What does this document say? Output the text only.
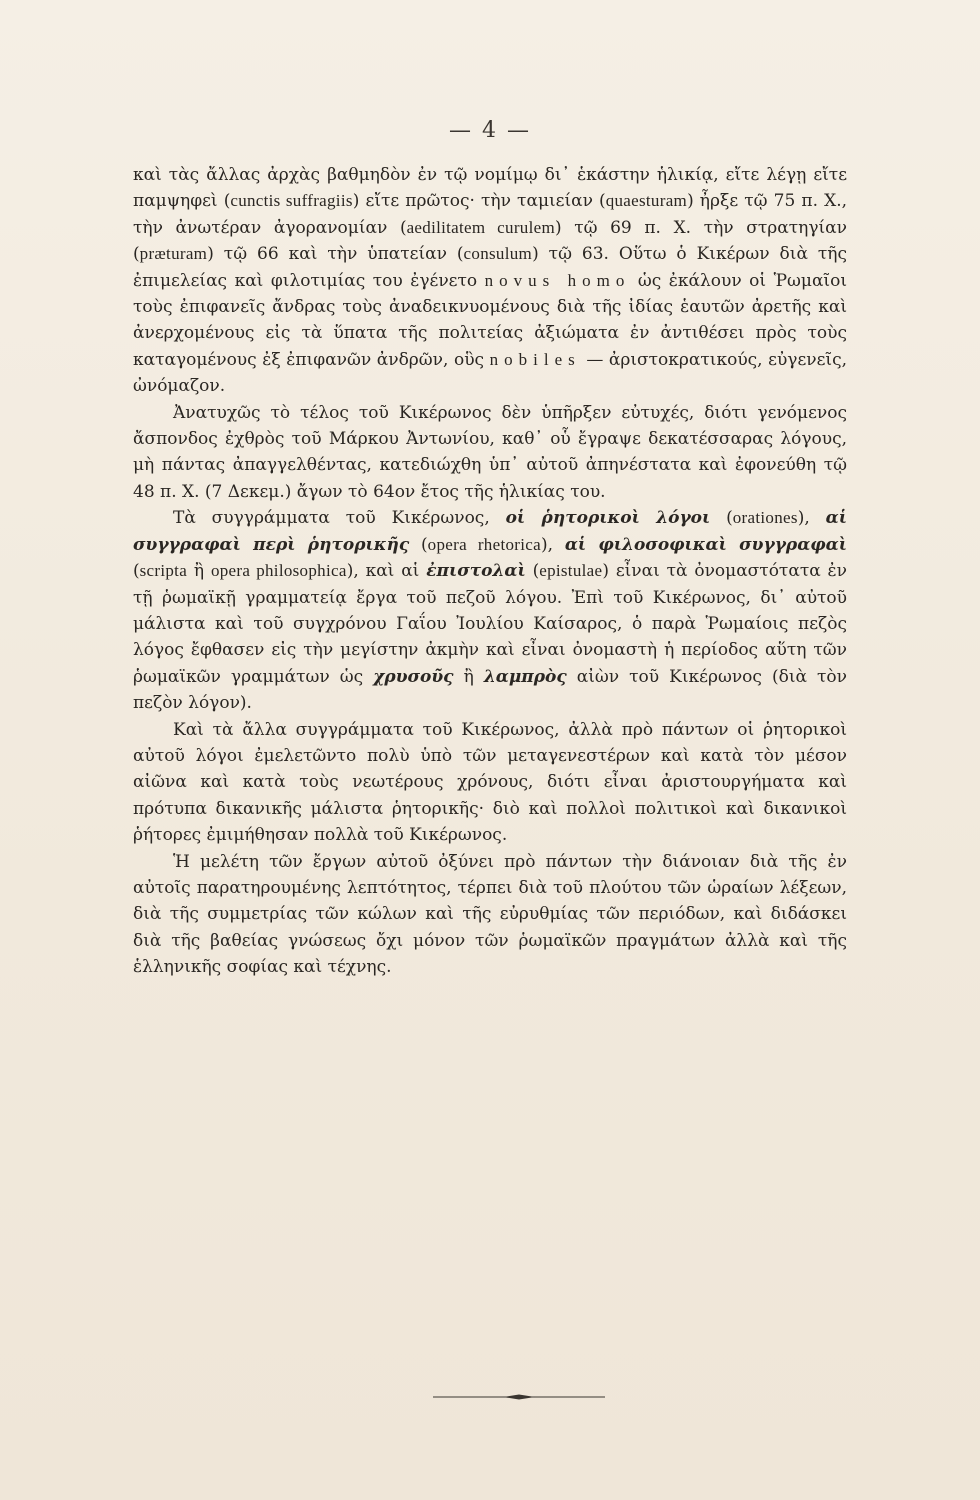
— 4 —

καὶ τὰς ἄλλας ἀρχὰς βαθμηδὸν ἐν τῷ νομίμῳ δι᾽ ἑκάστην ἡλικίᾳ, εἴτε λέγῃ εἴτε παμψηφεὶ (cunctis suffragiis) εἴτε πρῶτος· τὴν ταμιείαν (quaesturam) ἦρξε τῷ 75 π. Χ., τὴν ἀνωτέραν ἀγορανομίαν (aedilitatem curulem) τῷ 69 π. Χ. τὴν στρατηγίαν (præturam) τῷ 66 καὶ τὴν ὑπατείαν (consulum) τῷ 63. Οὕτω ὁ Κικέρων διὰ τῆς ἐπιμελείας καὶ φιλοτιμίας του ἐγένετο novus homo ὡς ἐκάλουν οἱ Ῥωμαῖοι τοὺς ἐπιφανεῖς ἄνδρας τοὺς ἀναδεικνυομένους διὰ τῆς ἰδίας ἑαυτῶν ἀρετῆς καὶ ἀνερχομένους εἰς τὰ ὕπατα τῆς πολιτείας ἀξιώματα ἐν ἀντιθέσει πρὸς τοὺς καταγομένους ἐξ ἐπιφανῶν ἀνδρῶν, οὓς nobiles — ἀριστοκρατικούς, εὐγενεῖς, ὠνόμαζον.

Ἀνατυχῶς τὸ τέλος τοῦ Κικέρωνος δὲν ὑπῆρξεν εὐτυχές, διότι γενόμενος ἄσπονδος ἐχθρὸς τοῦ Μάρκου Ἀντωνίου, καθ᾽ οὗ ἔγραψε δεκατέσσαρας λόγους, μὴ πάντας ἀπαγγελθέντας, κατεδιώχθη ὑπ᾽ αὐτοῦ ἀπηνέστατα καὶ ἐφονεύθη τῷ 48 π. Χ. (7 Δεκεμ.) ἄγων τὸ 64ον ἔτος τῆς ἡλικίας του.

Τὰ συγγράμματα τοῦ Κικέρωνος, οἱ ῥητορικοὶ λόγοι (orationes), αἱ συγγραφαὶ περὶ ῥητορικῆς (opera rhetorica), αἱ φιλοσοφικαὶ συγγραφαὶ (scripta ἢ opera philosophica), καὶ αἱ ἐπιστολαὶ (epistulae) εἶναι τὰ ὀνομαστότατα ἐν τῇ ῥωμαϊκῇ γραμματείᾳ ἔργα τοῦ πεζοῦ λόγου. Ἐπὶ τοῦ Κικέρωνος, δι᾽ αὐτοῦ μάλιστα καὶ τοῦ συγχρόνου Γαΐου Ἰουλίου Καίσαρος, ὁ παρὰ Ῥωμαίοις πεζὸς λόγος ἔφθασεν εἰς τὴν μεγίστην ἀκμὴν καὶ εἶναι ὀνομαστὴ ἡ περίοδος αὕτη τῶν ῥωμαϊκῶν γραμμάτων ὡς χρυσοῦς ἢ λαμπρὸς αἰὼν τοῦ Κικέρωνος (διὰ τὸν πεζὸν λόγον).

Καὶ τὰ ἄλλα συγγράμματα τοῦ Κικέρωνος, ἀλλὰ πρὸ πάντων οἱ ῥητορικοὶ αὐτοῦ λόγοι ἐμελετῶντο πολὺ ὑπὸ τῶν μεταγενεστέρων καὶ κατὰ τὸν μέσον αἰῶνα καὶ κατὰ τοὺς νεωτέρους χρόνους, διότι εἶναι ἀριστουργήματα καὶ πρότυπα δικανικῆς μάλιστα ῥητορικῆς· διὸ καὶ πολλοὶ πολιτικοὶ καὶ δικανικοὶ ῥήτορες ἐμιμήθησαν πολλὰ τοῦ Κικέρωνος.

Ἡ μελέτη τῶν ἔργων αὐτοῦ ὀξύνει πρὸ πάντων τὴν διάνοιαν διὰ τῆς ἐν αὐτοῖς παρατηρουμένης λεπτότητος, τέρπει διὰ τοῦ πλούτου τῶν ὡραίων λέξεων, διὰ τῆς συμμετρίας τῶν κώλων καὶ τῆς εὐρυθμίας τῶν περιόδων, καὶ διδάσκει διὰ τῆς βαθείας γνώσεως ὄχι μόνον τῶν ῥωμαϊκῶν πραγμάτων ἀλλὰ καὶ τῆς ἑλληνικῆς σοφίας καὶ τέχνης.
